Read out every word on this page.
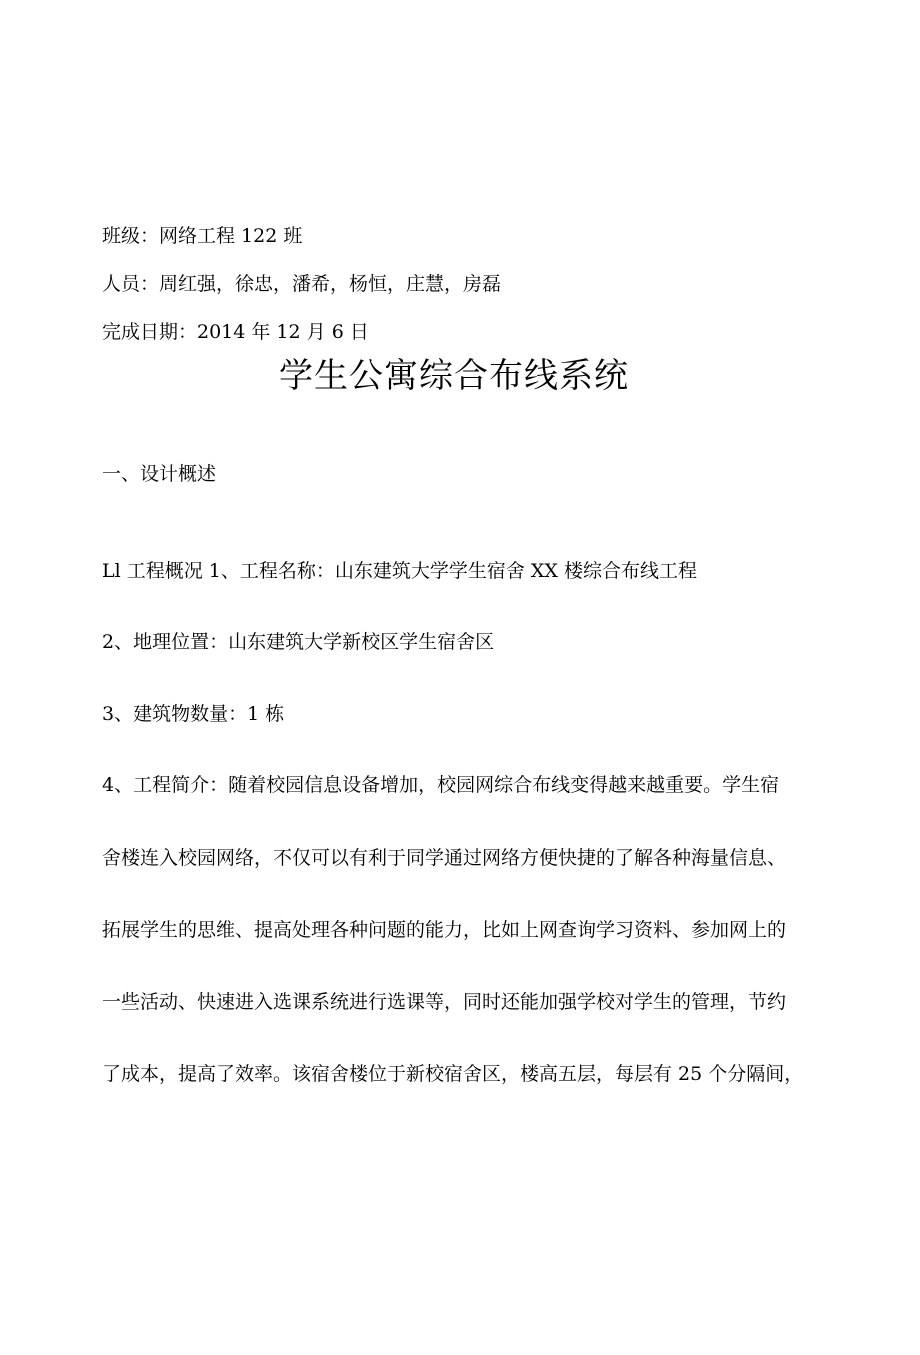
班级：网络工程 122 班

人员：周红强，徐忠，潘希，杨恒，庄慧，房磊

完成日期：2014 年 12 月 6 日

学生公寓综合布线系统

一、设计概述

Ll 工程概况 1、工程名称：山东建筑大学学生宿舍 XX 楼综合布线工程

2、地理位置：山东建筑大学新校区学生宿舍区

3、建筑物数量：1 栋

4、工程简介：随着校园信息设备增加，校园网综合布线变得越来越重要。学生宿

舍楼连入校园网络，不仅可以有利于同学通过网络方便快捷的了解各种海量信息、

拓展学生的思维、提高处理各种问题的能力，比如上网查询学习资料、参加网上的

一些活动、快速进入选课系统进行选课等，同时还能加强学校对学生的管理，节约

了成本，提高了效率。该宿舍楼位于新校宿舍区，楼高五层，每层有 25 个分隔间，
